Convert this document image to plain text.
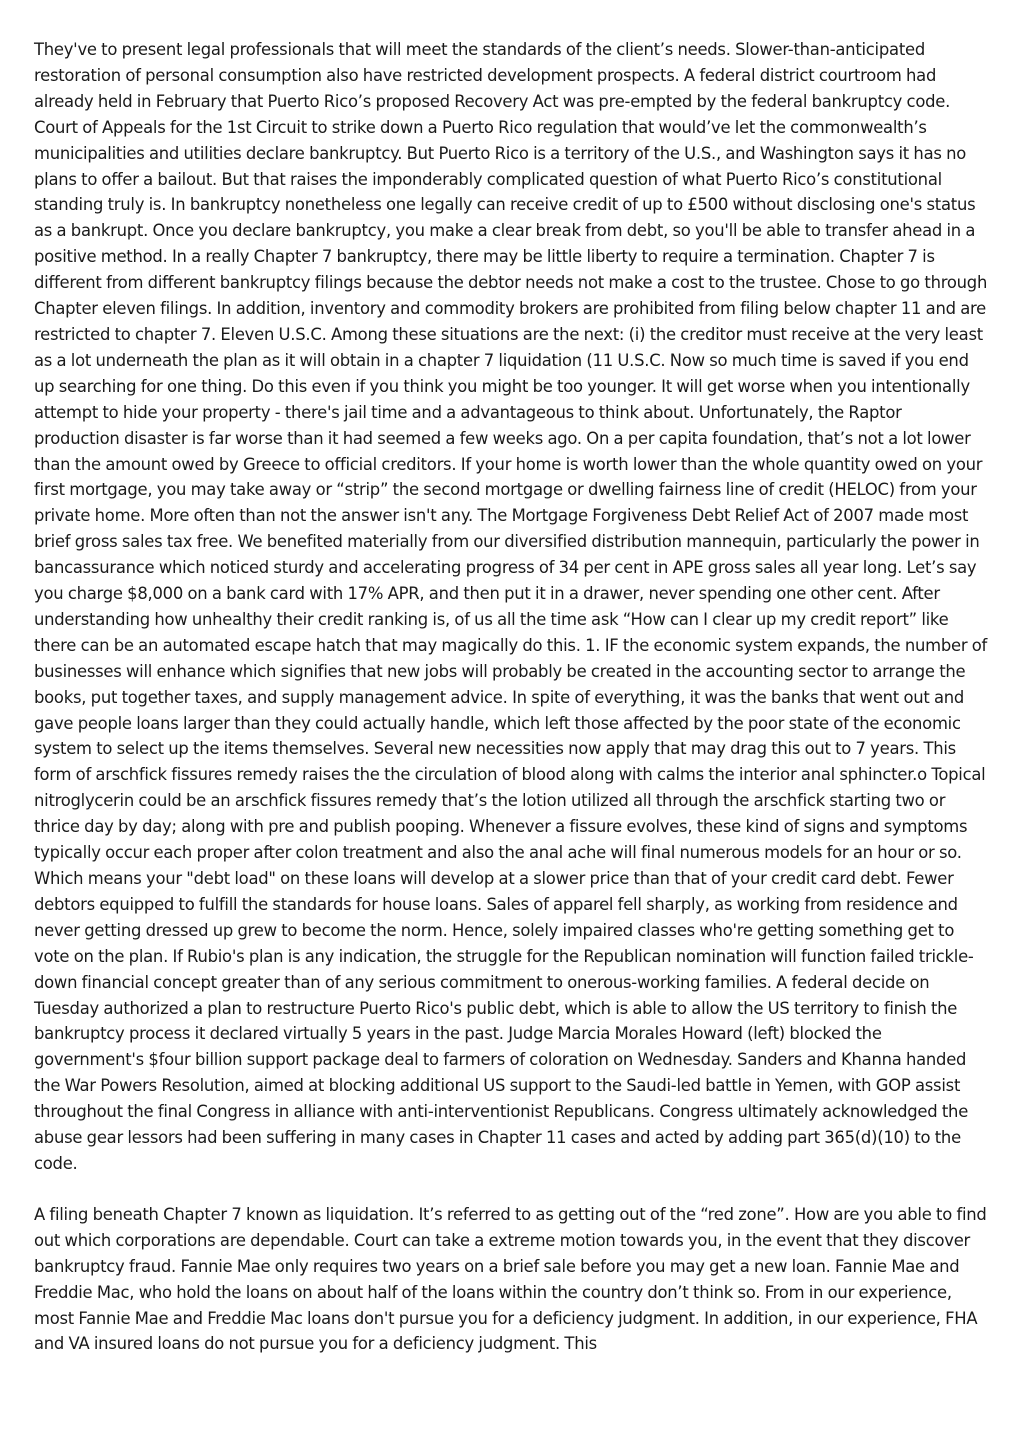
They've to present legal professionals that will meet the standards of the client’s needs. Slower-than-anticipated restoration of personal consumption also have restricted development prospects. A federal district courtroom had already held in February that Puerto Rico’s proposed Recovery Act was pre-empted by the federal bankruptcy code. Court of Appeals for the 1st Circuit to strike down a Puerto Rico regulation that would’ve let the commonwealth’s municipalities and utilities declare bankruptcy. But Puerto Rico is a territory of the U.S., and Washington says it has no plans to offer a bailout. But that raises the imponderably complicated question of what Puerto Rico’s constitutional standing truly is. In bankruptcy nonetheless one legally can receive credit of up to £500 without disclosing one's status as a bankrupt. Once you declare bankruptcy, you make a clear break from debt, so you'll be able to transfer ahead in a positive method. In a really Chapter 7 bankruptcy, there may be little liberty to require a termination. Chapter 7 is different from different bankruptcy filings because the debtor needs not make a cost to the trustee. Chose to go through Chapter eleven filings. In addition, inventory and commodity brokers are prohibited from filing below chapter 11 and are restricted to chapter 7. Eleven U.S.C. Among these situations are the next: (i) the creditor must receive at the very least as a lot underneath the plan as it will obtain in a chapter 7 liquidation (11 U.S.C. Now so much time is saved if you end up searching for one thing. Do this even if you think you might be too younger. It will get worse when you intentionally attempt to hide your property - there's jail time and a advantageous to think about. Unfortunately, the Raptor production disaster is far worse than it had seemed a few weeks ago. On a per capita foundation, that’s not a lot lower than the amount owed by Greece to official creditors. If your home is worth lower than the whole quantity owed on your first mortgage, you may take away or “strip” the second mortgage or dwelling fairness line of credit (HELOC) from your private home. More often than not the answer isn't any. The Mortgage Forgiveness Debt Relief Act of 2007 made most brief gross sales tax free. We benefited materially from our diversified distribution mannequin, particularly the power in bancassurance which noticed sturdy and accelerating progress of 34 per cent in APE gross sales all year long. Let’s say you charge $8,000 on a bank card with 17% APR, and then put it in a drawer, never spending one other cent. After understanding how unhealthy their credit ranking is, of us all the time ask “How can I clear up my credit report” like there can be an automated escape hatch that may magically do this. 1. IF the economic system expands, the number of businesses will enhance which signifies that new jobs will probably be created in the accounting sector to arrange the books, put together taxes, and supply management advice. In spite of everything, it was the banks that went out and gave people loans larger than they could actually handle, which left those affected by the poor state of the economic system to select up the items themselves. Several new necessities now apply that may drag this out to 7 years. This form of arschfick fissures remedy raises the the circulation of blood along with calms the interior anal sphincter.o Topical nitroglycerin could be an arschfick fissures remedy that’s the lotion utilized all through the arschfick starting two or thrice day by day; along with pre and publish pooping. Whenever a fissure evolves, these kind of signs and symptoms typically occur each proper after colon treatment and also the anal ache will final numerous models for an hour or so. Which means your "debt load" on these loans will develop at a slower price than that of your credit card debt. Fewer debtors equipped to fulfill the standards for house loans. Sales of apparel fell sharply, as working from residence and never getting dressed up grew to become the norm. Hence, solely impaired classes who're getting something get to vote on the plan. If Rubio's plan is any indication, the struggle for the Republican nomination will function failed trickle-down financial concept greater than of any serious commitment to onerous-working families. A federal decide on Tuesday authorized a plan to restructure Puerto Rico's public debt, which is able to allow the US territory to finish the bankruptcy process it declared virtually 5 years in the past. Judge Marcia Morales Howard (left) blocked the government's $four billion support package deal to farmers of coloration on Wednesday. Sanders and Khanna handed the War Powers Resolution, aimed at blocking additional US support to the Saudi-led battle in Yemen, with GOP assist throughout the final Congress in alliance with anti-interventionist Republicans. Congress ultimately acknowledged the abuse gear lessors had been suffering in many cases in Chapter 11 cases and acted by adding part 365(d)(10) to the code.

A filing beneath Chapter 7 known as liquidation. It’s referred to as getting out of the “red zone”. How are you able to find out which corporations are dependable. Court can take a extreme motion towards you, in the event that they discover bankruptcy fraud. Fannie Mae only requires two years on a brief sale before you may get a new loan. Fannie Mae and Freddie Mac, who hold the loans on about half of the loans within the country don’t think so. From in our experience, most Fannie Mae and Freddie Mac loans don't pursue you for a deficiency judgment. In addition, in our experience, FHA and VA insured loans do not pursue you for a deficiency judgment. This
